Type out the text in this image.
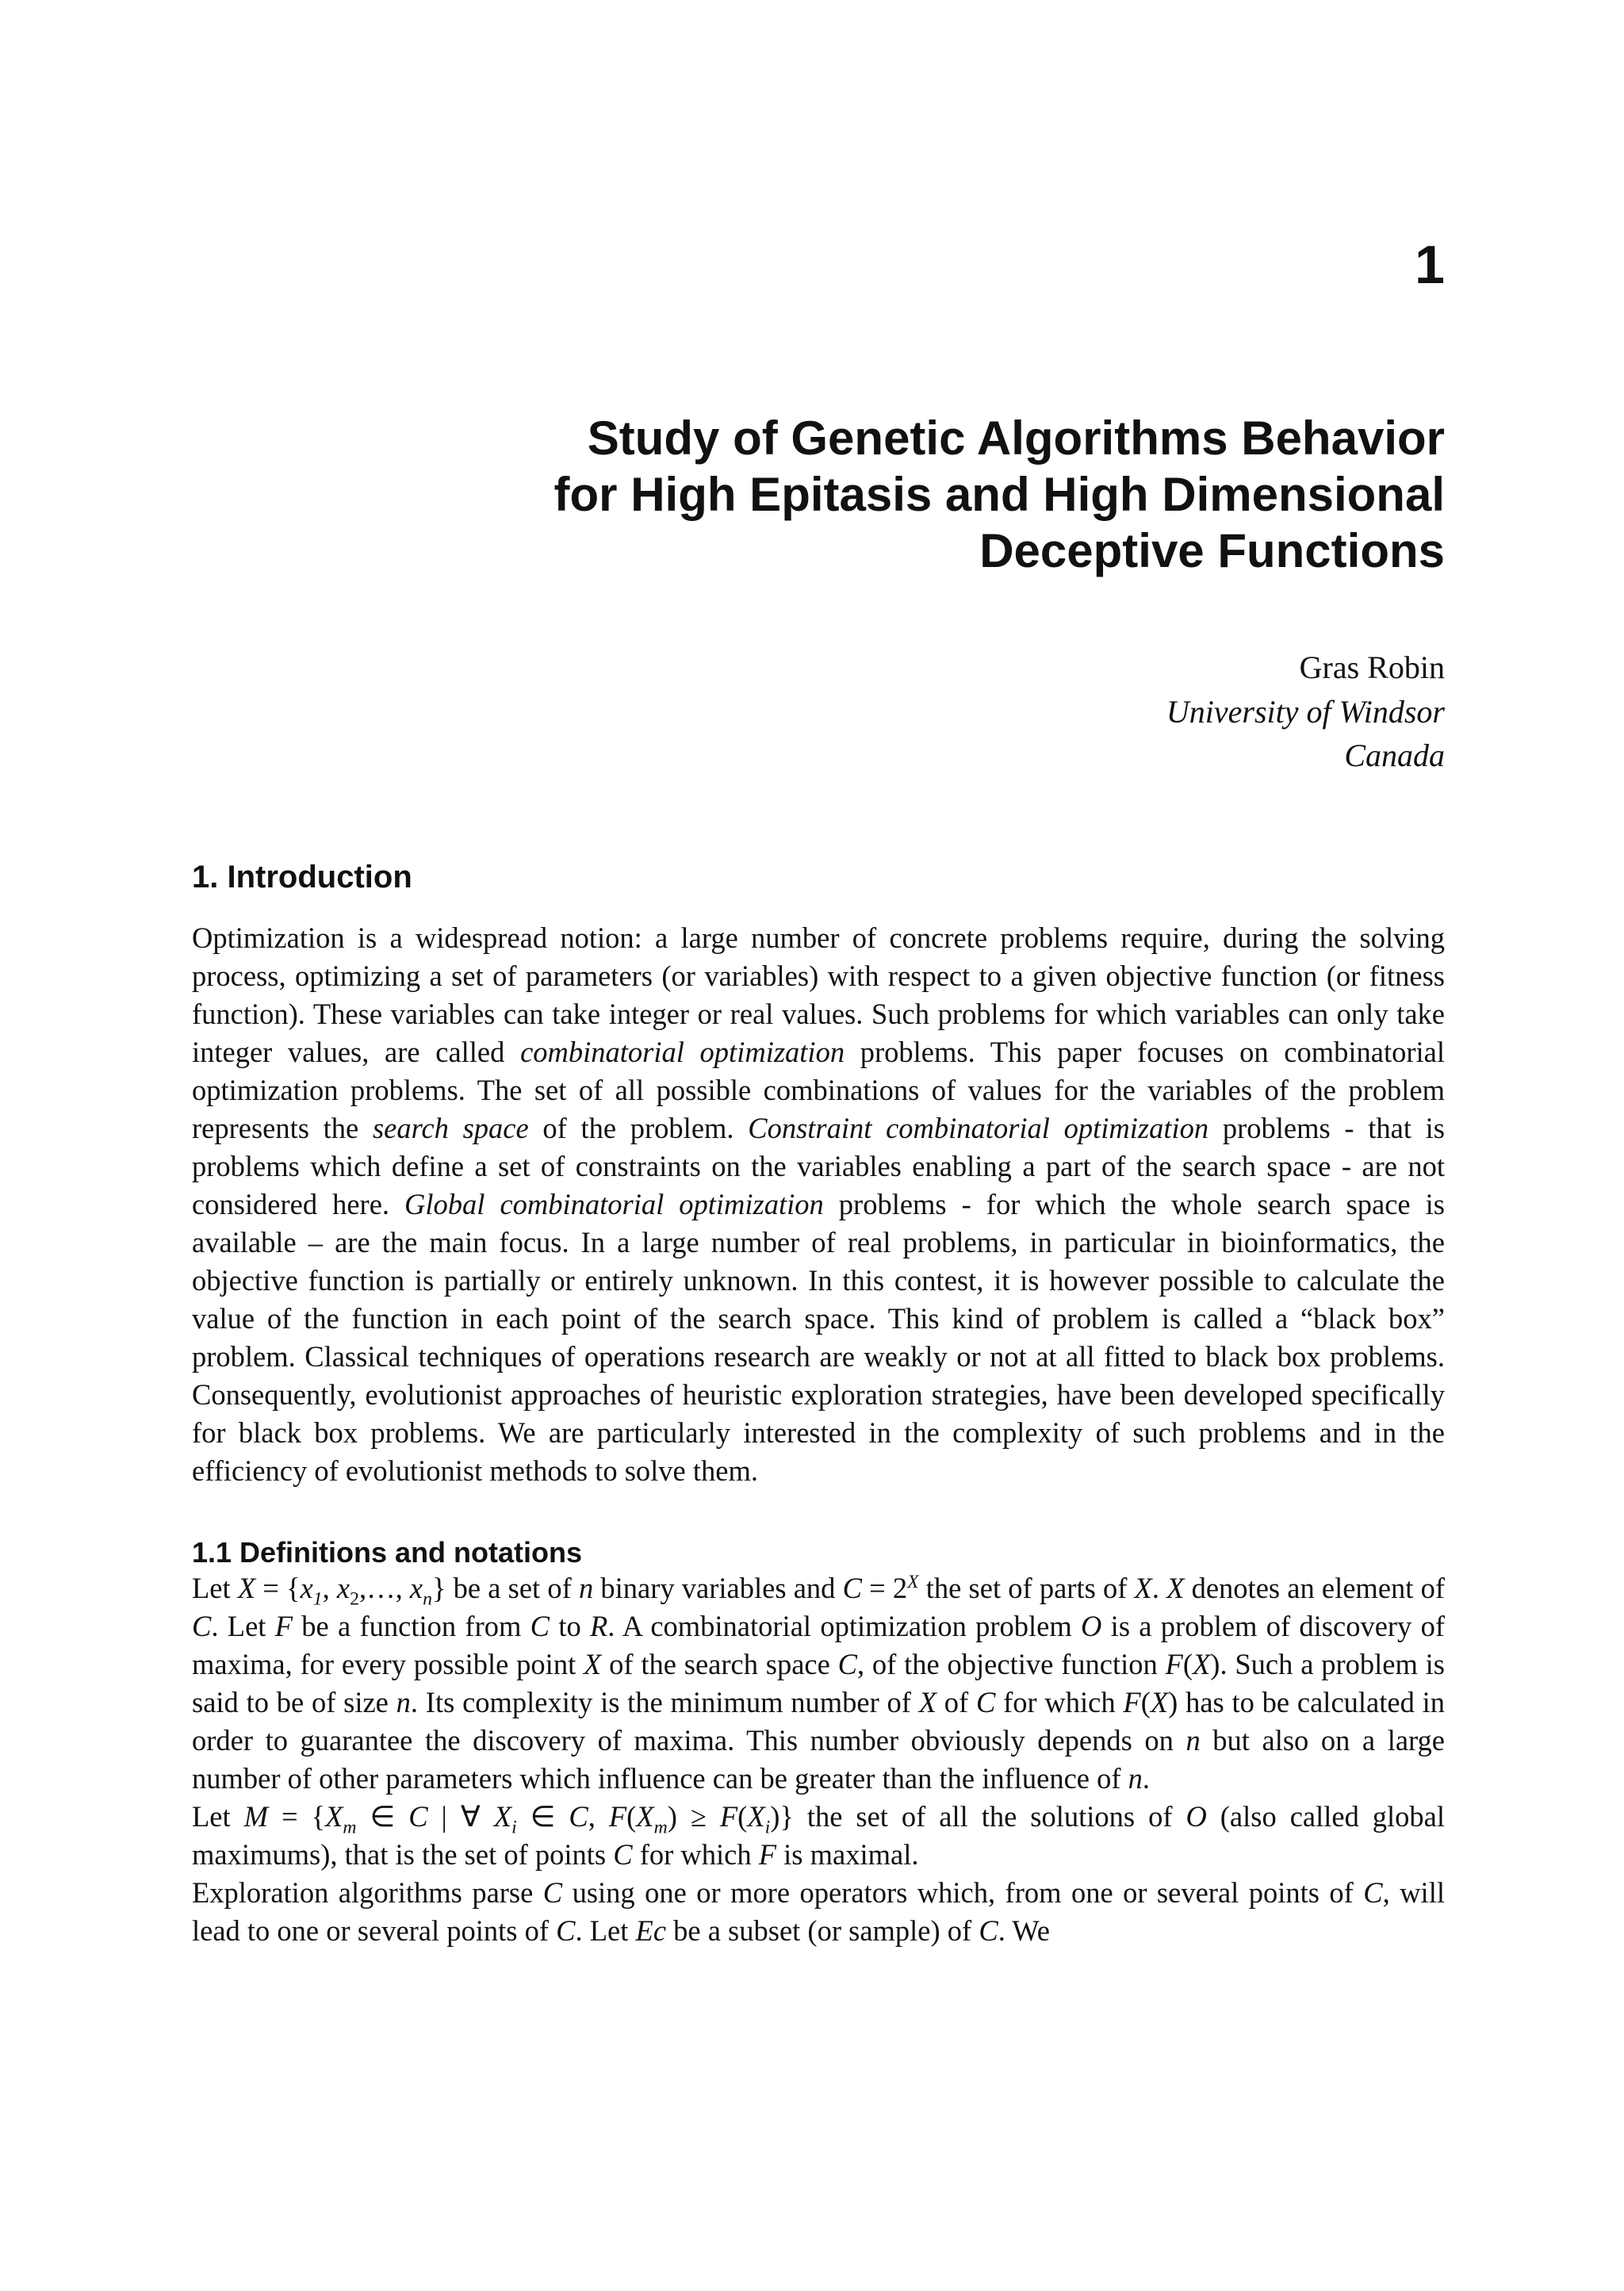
1
Study of Genetic Algorithms Behavior
for High Epitasis and High Dimensional
Deceptive Functions
Gras Robin
University of Windsor
Canada
1. Introduction

Optimization is a widespread notion: a large number of concrete problems require, during the solving process, optimizing a set of parameters (or variables) with respect to a given objective function (or fitness function). These variables can take integer or real values. Such problems for which variables can only take integer values, are called combinatorial optimization problems. This paper focuses on combinatorial optimization problems. The set of all possible combinations of values for the variables of the problem represents the search space of the problem. Constraint combinatorial optimization problems - that is problems which define a set of constraints on the variables enabling a part of the search space - are not considered here. Global combinatorial optimization problems - for which the whole search space is available – are the main focus. In a large number of real problems, in particular in bioinformatics, the objective function is partially or entirely unknown. In this contest, it is however possible to calculate the value of the function in each point of the search space. This kind of problem is called a “black box” problem. Classical techniques of operations research are weakly or not at all fitted to black box problems. Consequently, evolutionist approaches of heuristic exploration strategies, have been developed specifically for black box problems. We are particularly interested in the complexity of such problems and in the efficiency of evolutionist methods to solve them.

1.1 Definitions and notations

Let $X = \{x_1$, $x_2,\dots$, $x_n$} be a set of n binary variables and $C = 2^X$ the set of parts of X. X denotes an element of C. Let F be a function from C to R. A combinatorial optimization problem O is a problem of discovery of maxima, for every possible point X of the search space C, of the objective function F(X). Such a problem is said to be of size n. Its complexity is the minimum number of X of C for which F(X) has to be calculated in order to guarantee the discovery of maxima. This number obviously depends on n but also on a large number of other parameters which influence can be greater than the influence of n.

Let $M = \{X_m$ ∈ C | ∀ $X_i$ ∈ C, $F(X_m) \ge F(X_i)$} the set of all the solutions of O (also called global maximums), that is the set of points C for which F is maximal.

Exploration algorithms parse C using one or more operators which, from one or several points of C, will lead to one or several points of C. Let Ec be a subset (or sample) of C. We
